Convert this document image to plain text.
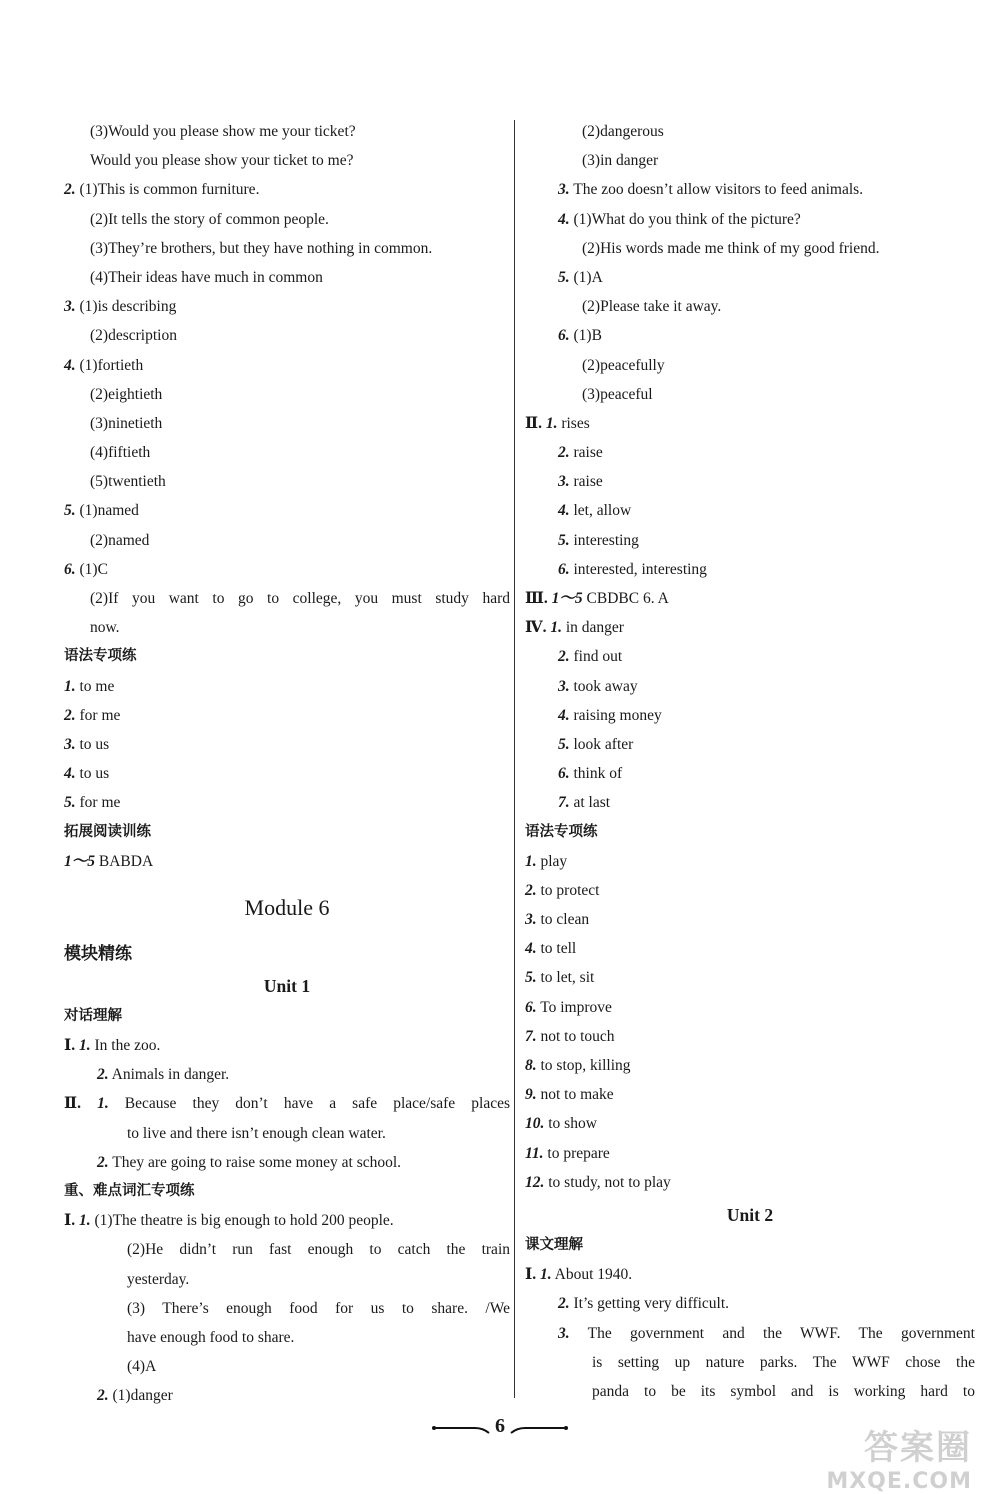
(3)Would you please show me your ticket?
Would you please show your ticket to me?
2. (1)This is common furniture.
(2)It tells the story of common people.
(3)They’re brothers, but they have nothing in common.
(4)Their ideas have much in common
3. (1)is describing
(2)description
4. (1)fortieth
(2)eightieth
(3)ninetieth
(4)fiftieth
(5)twentieth
5. (1)named
(2)named
6. (1)C
(2)If you want to go to college, you must study hard
now.
语法专项练
1. to me
2. for me
3. to us
4. to us
5. for me
拓展阅读训练
1～5 BABDA
Module 6
模块精练
Unit 1
对话理解
Ⅰ. 1. In the zoo.
2. Animals in danger.
Ⅱ. 1. Because they don’t have a safe place/safe places
to live and there isn’t enough clean water.
2. They are going to raise some money at school.
重、难点词汇专项练
Ⅰ. 1. (1)The theatre is big enough to hold 200 people.
(2)He didn’t run fast enough to catch the train
yesterday.
(3) There’s enough food for us to share. /We
have enough food to share.
(4)A
2. (1)danger
(2)dangerous
(3)in danger
3. The zoo doesn’t allow visitors to feed animals.
4. (1)What do you think of the picture?
(2)His words made me think of my good friend.
5. (1)A
(2)Please take it away.
6. (1)B
(2)peacefully
(3)peaceful
Ⅱ. 1. rises
2. raise
3. raise
4. let, allow
5. interesting
6. interested, interesting
Ⅲ. 1～5 CBDBC 6. A
Ⅳ. 1. in danger
2. find out
3. took away
4. raising money
5. look after
6. think of
7. at last
语法专项练
1. play
2. to protect
3. to clean
4. to tell
5. to let, sit
6. To improve
7. not to touch
8. to stop, killing
9. not to make
10. to show
11. to prepare
12. to study, not to play
Unit 2
课文理解
Ⅰ. 1. About 1940.
2. It’s getting very difficult.
3. The government and the WWF. The government
is setting up nature parks. The WWF chose the
panda to be its symbol and is working hard to
6
答案圈
MXQE.COM
